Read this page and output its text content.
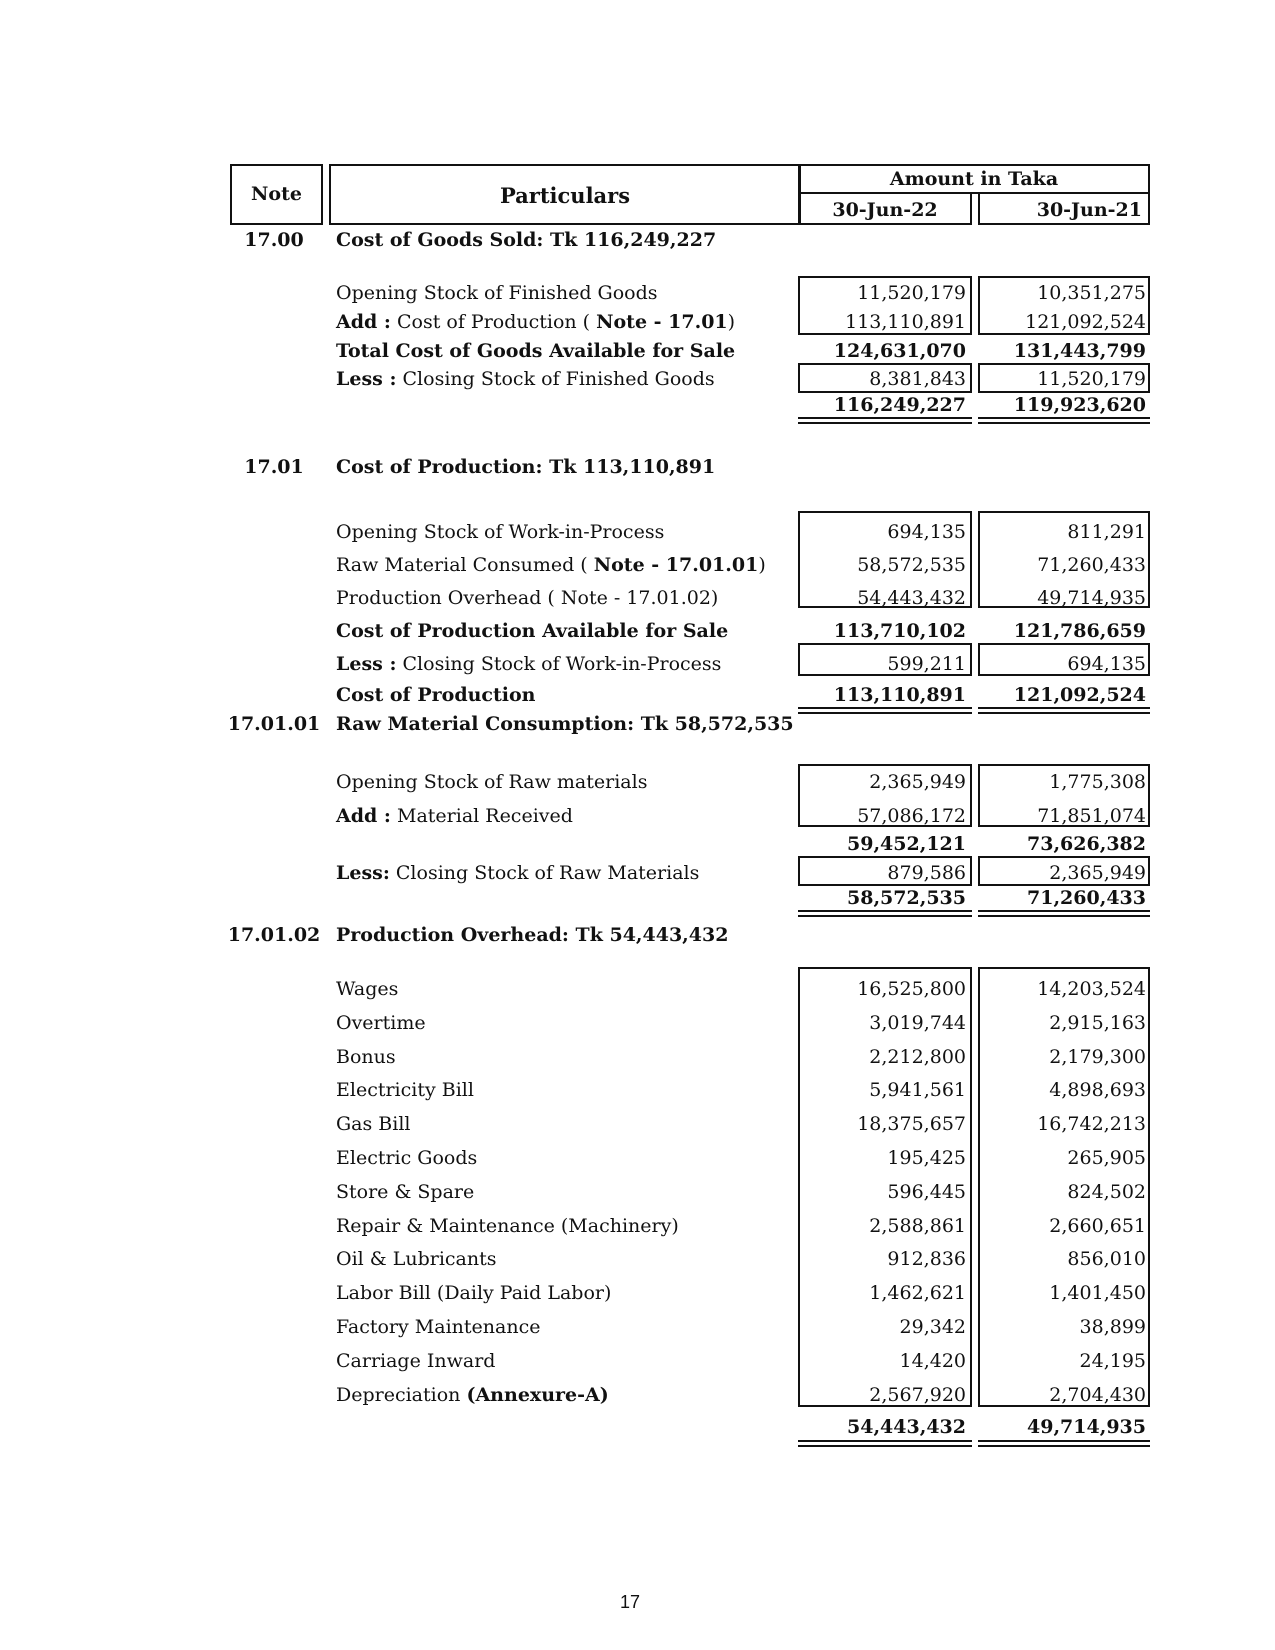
Note	Particulars
Amount in Taka
30-Jun-22	30-Jun-21
17.00	Cost of Goods Sold: Tk 116,249,227
Opening Stock of Finished Goods	11,520,179	10,351,275
Add : Cost of Production ( Note - 17.01)	113,110,891	121,092,524
Total Cost of Goods Available for Sale	124,631,070	131,443,799
Less : Closing Stock of Finished Goods	8,381,843	11,520,179
116,249,227	119,923,620
17.01	Cost of Production: Tk 113,110,891
Opening Stock of Work-in-Process	694,135	811,291
Raw Material Consumed ( Note - 17.01.01)	58,572,535	71,260,433
Production Overhead ( Note - 17.01.02)	54,443,432	49,714,935
Cost of Production Available for Sale	113,710,102	121,786,659
Less : Closing Stock of Work-in-Process	599,211	694,135
Cost of Production	113,110,891	121,092,524
17.01.01 Raw Material Consumption: Tk 58,572,535
Opening Stock of Raw materials	2,365,949	1,775,308
Add : Material Received	57,086,172	71,851,074
59,452,121	73,626,382
Less: Closing Stock of Raw Materials	879,586	2,365,949
58,572,535	71,260,433
17.01.02 Production Overhead: Tk 54,443,432
Wages	16,525,800	14,203,524
Overtime	3,019,744	2,915,163
Bonus	2,212,800	2,179,300
Electricity Bill	5,941,561	4,898,693
Gas Bill	18,375,657	16,742,213
Electric Goods	195,425	265,905
Store & Spare	596,445	824,502
Repair & Maintenance (Machinery)	2,588,861	2,660,651
Oil & Lubricants	912,836	856,010
Labor Bill (Daily Paid Labor)	1,462,621	1,401,450
Factory Maintenance	29,342	38,899
Carriage Inward	14,420	24,195
Depreciation (Annexure-A)	2,567,920	2,704,430
54,443,432	49,714,935
17
